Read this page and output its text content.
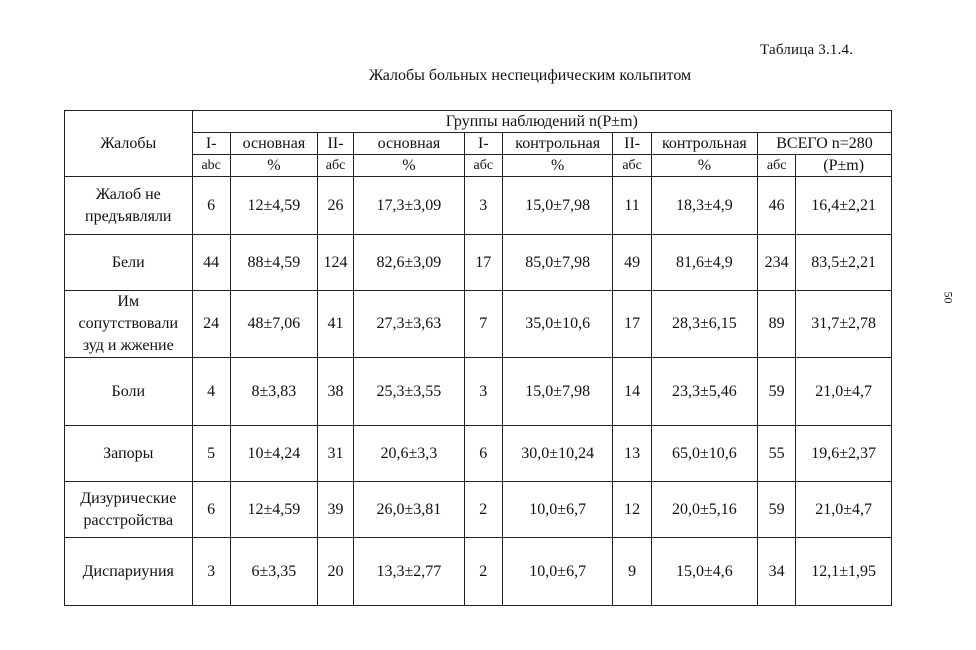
Таблица 3.1.4.
Жалобы больных неспецифическим кольпитом
50
Жалобы	Группы наблюдений n(P±m)									
	I-	основная	II-	основная	I-	контрольная	II-	контрольная	ВСЕГО n=280	
	abc	%	абс	%	абс	%	абс	%	абс	(P±m)
Жалоб не предъявляли	6	12±4,59	26	17,3±3,09	3	15,0±7,98	11	18,3±4,9	46	16,4±2,21
Бели	44	88±4,59	124	82,6±3,09	17	85,0±7,98	49	81,6±4,9	234	83,5±2,21
Им сопутствовали зуд и жжение	24	48±7,06	41	27,3±3,63	7	35,0±10,6	17	28,3±6,15	89	31,7±2,78
Боли	4	8±3,83	38	25,3±3,55	3	15,0±7,98	14	23,3±5,46	59	21,0±4,7
Запоры	5	10±4,24	31	20,6±3,3	6	30,0±10,24	13	65,0±10,6	55	19,6±2,37
Дизурические расстройства	6	12±4,59	39	26,0±3,81	2	10,0±6,7	12	20,0±5,16	59	21,0±4,7
Диспариуния	3	6±3,35	20	13,3±2,77	2	10,0±6,7	9	15,0±4,6	34	12,1±1,95
